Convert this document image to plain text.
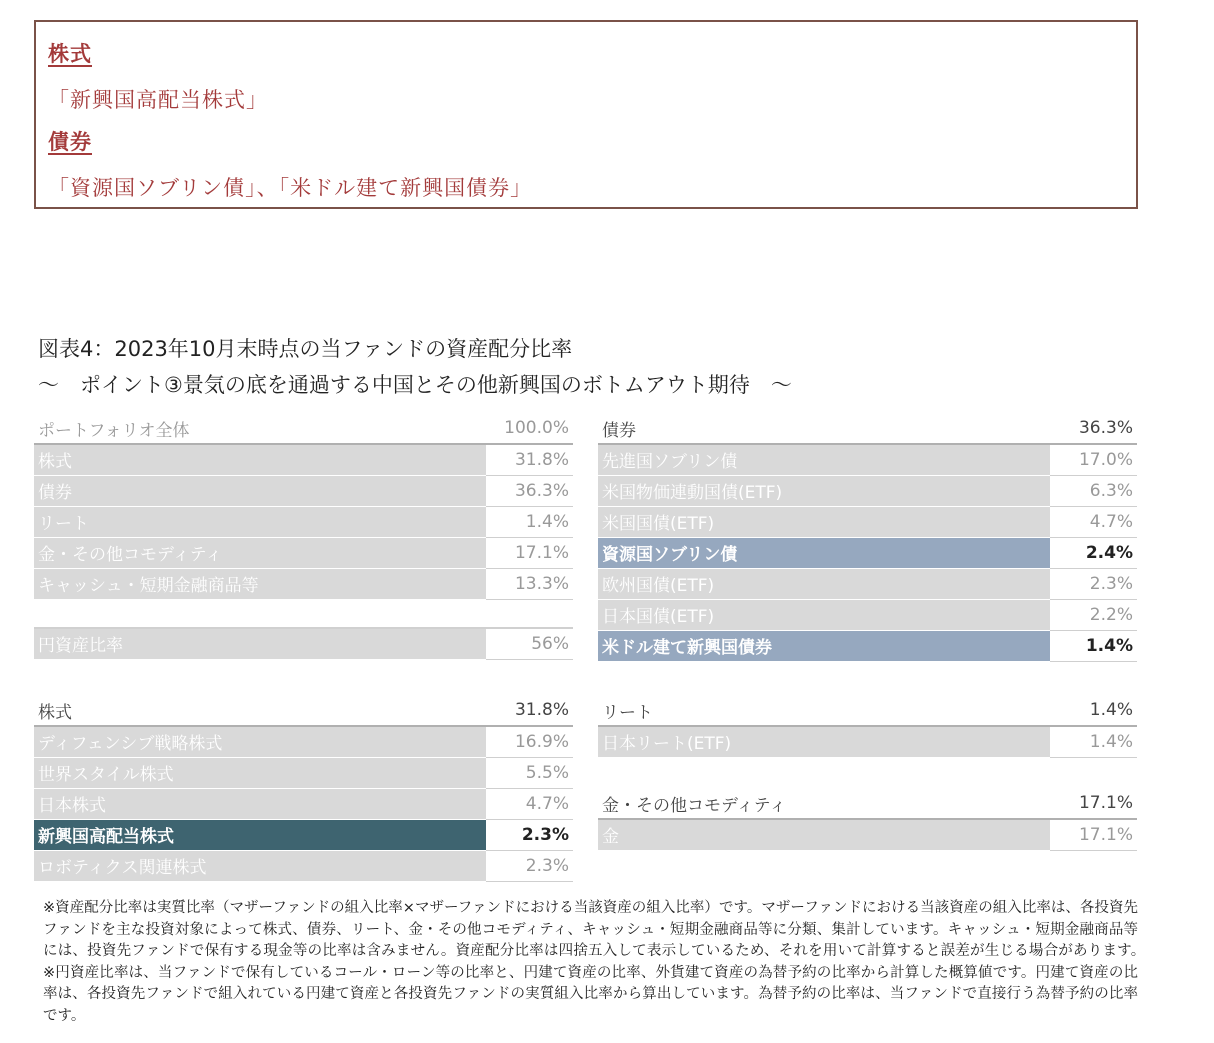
株式
「新興国高配当株式」
債券
「資源国ソブリン債」、「米ドル建て新興国債券」
図表4：2023年10月末時点の当ファンドの資産配分比率
～　ポイント③景気の底を通過する中国とその他新興国のボトムアウト期待　～
ポートフォリオ全体	100.0%
株式	31.8%
債券	36.3%
リート	1.4%
金・その他コモディティ	17.1%
キャッシュ・短期金融商品等	13.3%

円資産比率	56%
債券	36.3%
先進国ソブリン債	17.0%
米国物価連動国債(ETF)	6.3%
米国国債(ETF)	4.7%
資源国ソブリン債	2.4%
欧州国債(ETF)	2.3%
日本国債(ETF)	2.2%
米ドル建て新興国債券	1.4%
株式	31.8%
ディフェンシブ戦略株式	16.9%
世界スタイル株式	5.5%
日本株式	4.7%
新興国高配当株式	2.3%
ロボティクス関連株式	2.3%
リート	1.4%
日本リート(ETF)	1.4%
金・その他コモディティ	17.1%
金	17.1%
※資産配分比率は実質比率（マザーファンドの組入比率×マザーファンドにおける当該資産の組入比率）です。マザーファンドにおける当該資産の組入比率は、各投資先ファンドを主な投資対象によって株式、債券、リート、金・その他コモディティ、キャッシュ・短期金融商品等に分類、集計しています。キャッシュ・短期金融商品等には、投資先ファンドで保有する現金等の比率は含みません。資産配分比率は四捨五入して表示しているため、それを用いて計算すると誤差が生じる場合があります。　※円資産比率は、当ファンドで保有しているコール・ローン等の比率と、円建て資産の比率、外貨建て資産の為替予約の比率から計算した概算値です。円建て資産の比率は、各投資先ファンドで組入れている円建て資産と各投資先ファンドの実質組入比率から算出しています。為替予約の比率は、当ファンドで直接行う為替予約の比率です。
